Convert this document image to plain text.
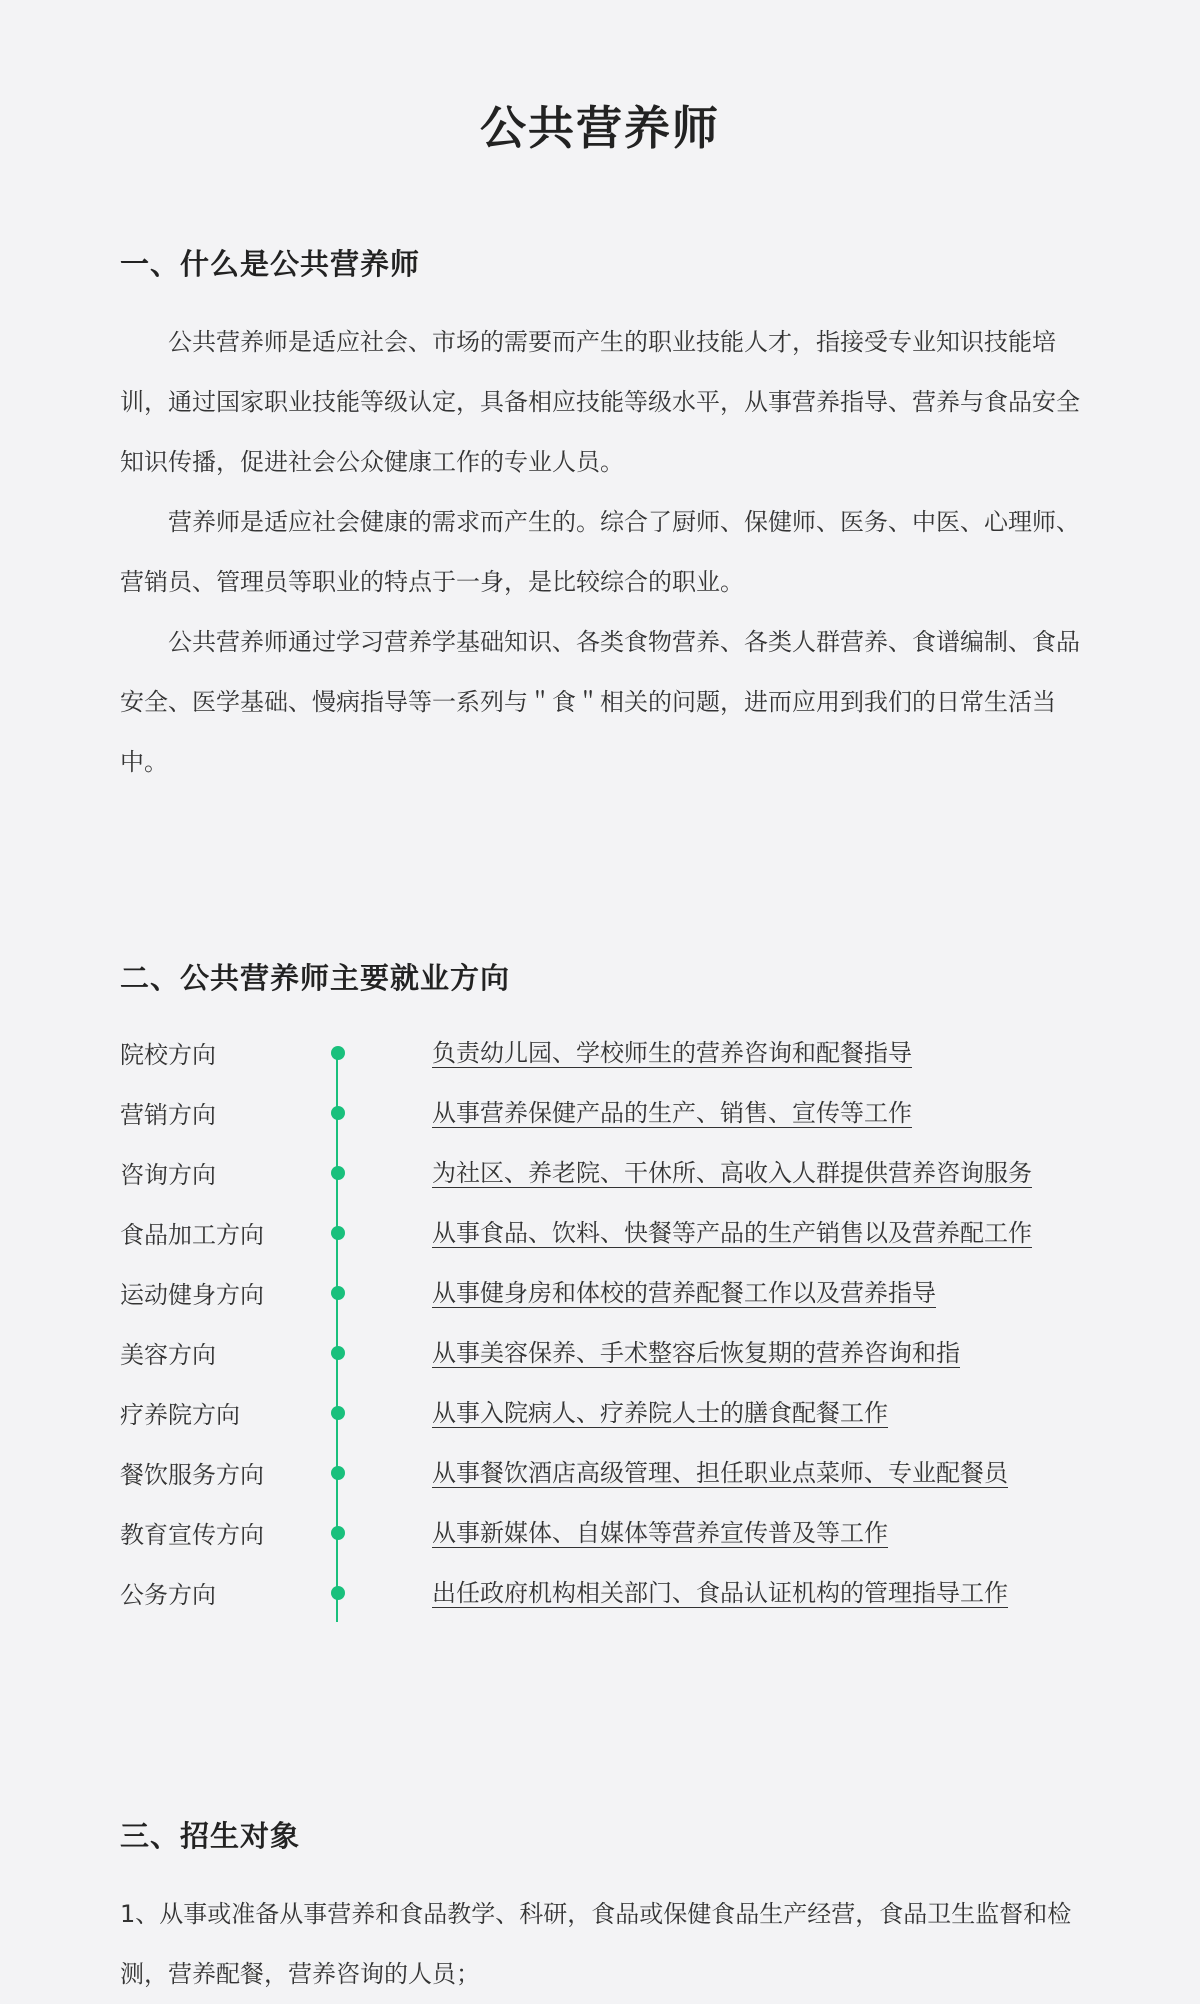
公共营养师
一、什么是公共营养师

公共营养师是适应社会、市场的需要而产生的职业技能人才，指接受专业知识技能培训，通过国家职业技能等级认定，具备相应技能等级水平，从事营养指导、营养与食品安全知识传播，促进社会公众健康工作的专业人员。

营养师是适应社会健康的需求而产生的。综合了厨师、保健师、医务、中医、心理师、营销员、管理员等职业的特点于一身，是比较综合的职业。

公共营养师通过学习营养学基础知识、各类食物营养、各类人群营养、食谱编制、食品安全、医学基础、慢病指导等一系列与＂食＂相关的问题，进而应用到我们的日常生活当中。

二、公共营养师主要就业方向
院校方向	负责幼儿园、学校师生的营养咨询和配餐指导
营销方向	从事营养保健产品的生产、销售、宣传等工作
咨询方向	为社区、养老院、干休所、高收入人群提供营养咨询服务
食品加工方向	从事食品、饮料、快餐等产品的生产销售以及营养配工作
运动健身方向	从事健身房和体校的营养配餐工作以及营养指导
美容方向	从事美容保养、手术整容后恢复期的营养咨询和指
疗养院方向	从事入院病人、疗养院人士的膳食配餐工作
餐饮服务方向	从事餐饮酒店高级管理、担任职业点菜师、专业配餐员
教育宣传方向	从事新媒体、自媒体等营养宣传普及等工作
公务方向	出任政府机构相关部门、食品认证机构的管理指导工作
三、招生对象

1、从事或准备从事营养和食品教学、科研，食品或保健食品生产经营，食品卫生监督和检测，营养配餐，营养咨询的人员；
